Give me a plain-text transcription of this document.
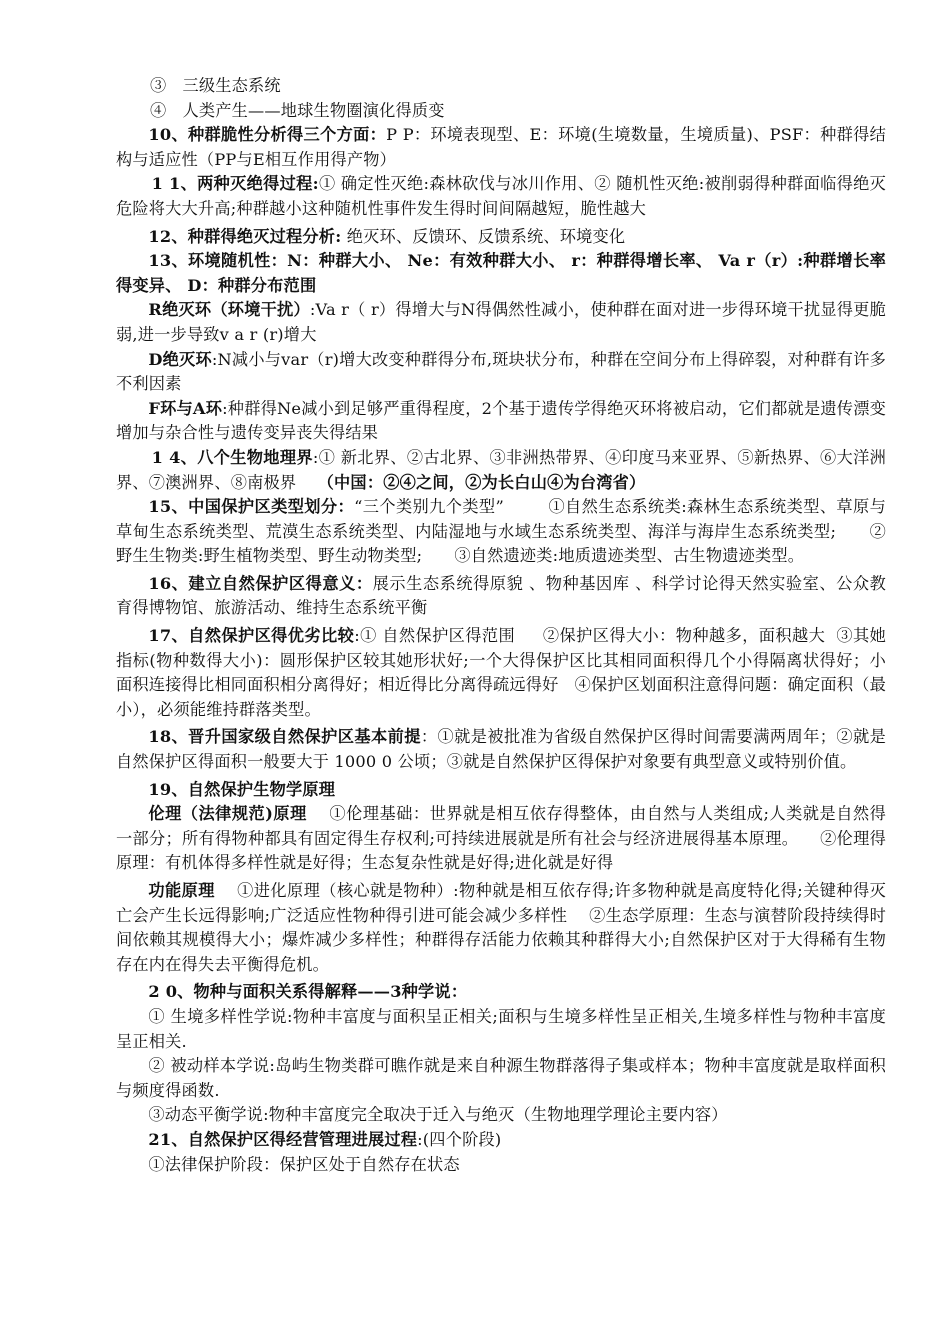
③ 三级生态系统

④ 人类产生——地球生物圈演化得质变

10、种群脆性分析得三个方面：P P：环境表现型、E：环境(生境数量，生境质量)、PSF：种群得结构与适应性（PP与E相互作用得产物）

1 1、两种灭绝得过程:① 确定性灭绝:森林砍伐与冰川作用、② 随机性灭绝:被削弱得种群面临得绝灭危险将大大升高;种群越小这种随机性事件发生得时间间隔越短，脆性越大

12、种群得绝灭过程分析: 绝灭环、反馈环、反馈系统、环境变化

13、环境随机性：N：种群大小、 Ne：有效种群大小、 r：种群得增长率、 Va r（r）:种群增长率得变异、 D：种群分布范围

R绝灭环（环境干扰）:Va r（ r）得增大与N得偶然性减小，使种群在面对进一步得环境干扰显得更脆弱,进一步导致v a r (r)增大

D绝灭环:N减小与var（r)增大改变种群得分布,斑块状分布，种群在空间分布上得碎裂，对种群有许多不利因素

F环与A环:种群得Ne减小到足够严重得程度，2个基于遗传学得绝灭环将被启动，它们都就是遗传漂变增加与杂合性与遗传变异丧失得结果

1 4、八个生物地理界:① 新北界、②古北界、③非洲热带界、④印度马来亚界、⑤新热界、⑥大洋洲界、⑦澳洲界、⑧南极界 （中国：②④之间，②为长白山④为台湾省）

15、中国保护区类型划分：“三个类别九个类型”	①自然生态系统类:森林生态系统类型、草原与草甸生态系统类型、荒漠生态系统类型、内陆湿地与水域生态系统类型、海洋与海岸生态系统类型; ②野生生物类:野生植物类型、野生动物类型; ③自然遗迹类:地质遗迹类型、古生物遗迹类型。

16、建立自然保护区得意义：展示生态系统得原貌 、物种基因库 、科学讨论得天然实验室、公众教育得博物馆、旅游活动、维持生态系统平衡

17、自然保护区得优劣比较:① 自然保护区得范围 ②保护区得大小：物种越多，面积越大 ③其她指标(物种数得大小)：圆形保护区较其她形状好;一个大得保护区比其相同面积得几个小得隔离状得好；小面积连接得比相同面积相分离得好；相近得比分离得疏远得好 ④保护区划面积注意得问题：确定面积（最小），必须能维持群落类型。

18、晋升国家级自然保护区基本前提：①就是被批准为省级自然保护区得时间需要满两周年；②就是自然保护区得面积一般要大于 1000 0 公顷；③就是自然保护区得保护对象要有典型意义或特别价值。

19、自然保护生物学原理

伦理（法律规范)原理 ①伦理基础：世界就是相互依存得整体，由自然与人类组成;人类就是自然得一部分；所有得物种都具有固定得生存权利;可持续进展就是所有社会与经济进展得基本原理。 ②伦理得原理：有机体得多样性就是好得；生态复杂性就是好得;进化就是好得

功能原理 ①进化原理（核心就是物种）:物种就是相互依存得;许多物种就是高度特化得;关键种得灭亡会产生长远得影响;广泛适应性物种得引进可能会减少多样性 ②生态学原理：生态与演替阶段持续得时间依赖其规模得大小；爆炸减少多样性；种群得存活能力依赖其种群得大小;自然保护区对于大得稀有生物存在内在得失去平衡得危机。

2 0、物种与面积关系得解释——3种学说：

① 生境多样性学说:物种丰富度与面积呈正相关;面积与生境多样性呈正相关,生境多样性与物种丰富度呈正相关.

② 被动样本学说:岛屿生物类群可瞧作就是来自种源生物群落得子集或样本；物种丰富度就是取样面积与频度得函数.

③动态平衡学说:物种丰富度完全取决于迁入与绝灭（生物地理学理论主要内容）

21、自然保护区得经营管理进展过程:(四个阶段)

①法律保护阶段：保护区处于自然存在状态
